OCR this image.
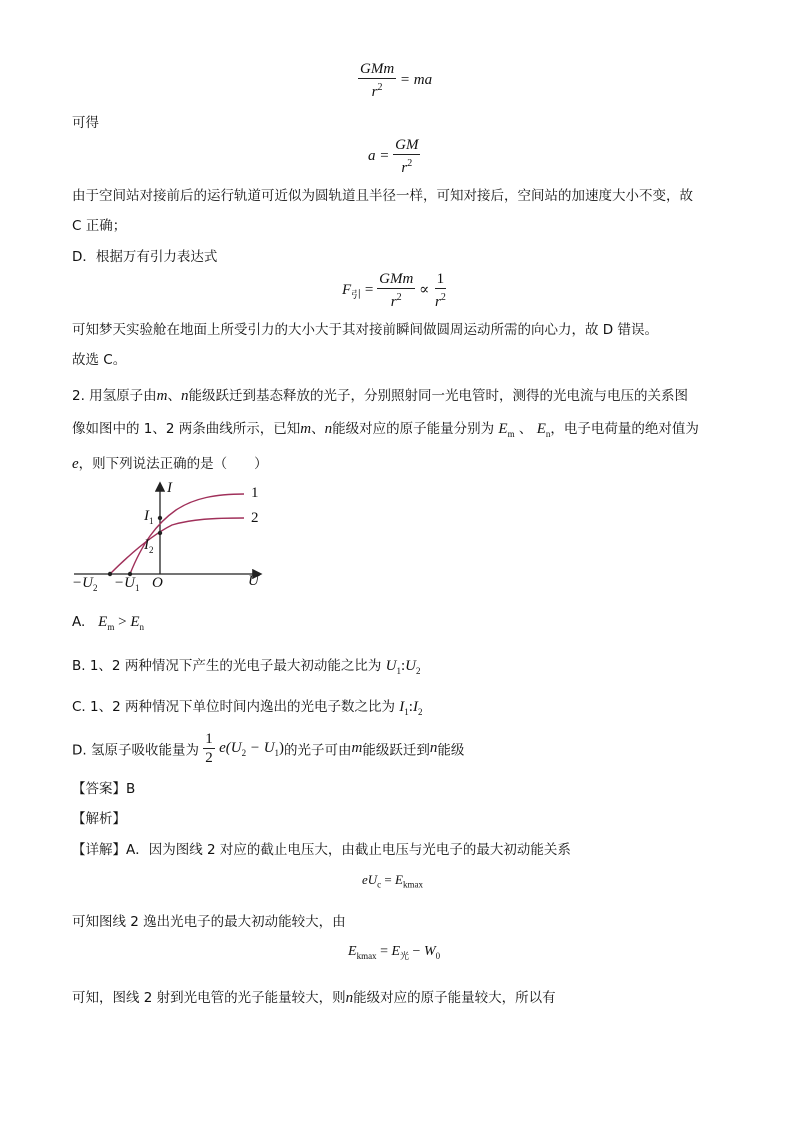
$\frac{\text{GMm}}{r^2}$ = ma
可得
$a = \frac{GM}{r^2}$
由于空间站对接前后的运行轨道可近似为圆轨道且半径一样，可知对接后，空间站的加速度大小不变，故
C 正确；
D．根据万有引力表达式
$F_引 = \frac{\text{GMm}}{r^2} \propto \frac{1}{r^2}$
可知梦天实验舱在地面上所受引力的大小大于其对接前瞬间做圆周运动所需的向心力，故 D 错误。
故选 C。
2. 用氢原子由m、n能级跃迁到基态释放的光子，分别照射同一光电管时，测得的光电流与电压的关系图
像如图中的 1、2 两条曲线所示，已知m、n能级对应的原子能量分别为 $E_m$ 、 $E_n$，电子电荷量的绝对值为
e，则下列说法正确的是（　　）
I
U
O
$I_1$
$I_2$
$-U_2 -U_1$
1
2
A. $E_m > E_n$
B. 1、2 两种情况下产生的光电子最大初动能之比为 $U_1:U_2$
C. 1、2 两种情况下单位时间内逸出的光电子数之比为 $I_1:I_2$
D. 氢原子吸收能量为 $\frac{1}{2} e(U_2 - U_1)$的光子可由m能级跃迁到n能级
【答案】B
【解析】
【详解】A．因为图线 2 对应的截止电压大，由截止电压与光电子的最大初动能关系
$eU_c = E_{kmax}$
可知图线 2 逸出光电子的最大初动能较大，由
$E_{kmax} = E_光 - W_0$
可知，图线 2 射到光电管的光子能量较大，则n能级对应的原子能量较大，所以有
